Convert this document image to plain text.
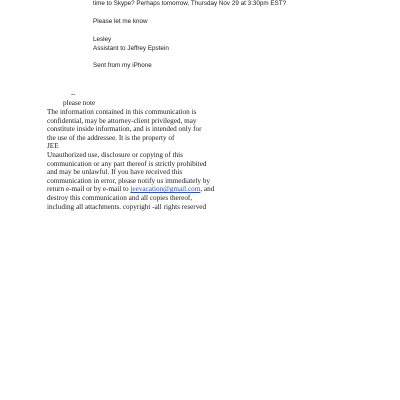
time to Skype? Perhaps tomorrow, Thursday Nov 29 at 3:30pm EST?
Please let me know
Lesley
Assistant to Jeffrey Epstein
Sent from my iPhone
--
please note
The information contained in this communication is
confidential, may be attorney-client privileged, may
constitute inside information, and is intended only for
the use of the addressee. It is the property of
JEE
Unauthorized use, disclosure or copying of this
communication or any part thereof is strictly prohibited
and may be unlawful. If you have received this
communication in error, please notify us immediately by
return e-mail or by e-mail to jeevacation@gmail.com, and
destroy this communication and all copies thereof,
including all attachments. copyright -all rights reserved
